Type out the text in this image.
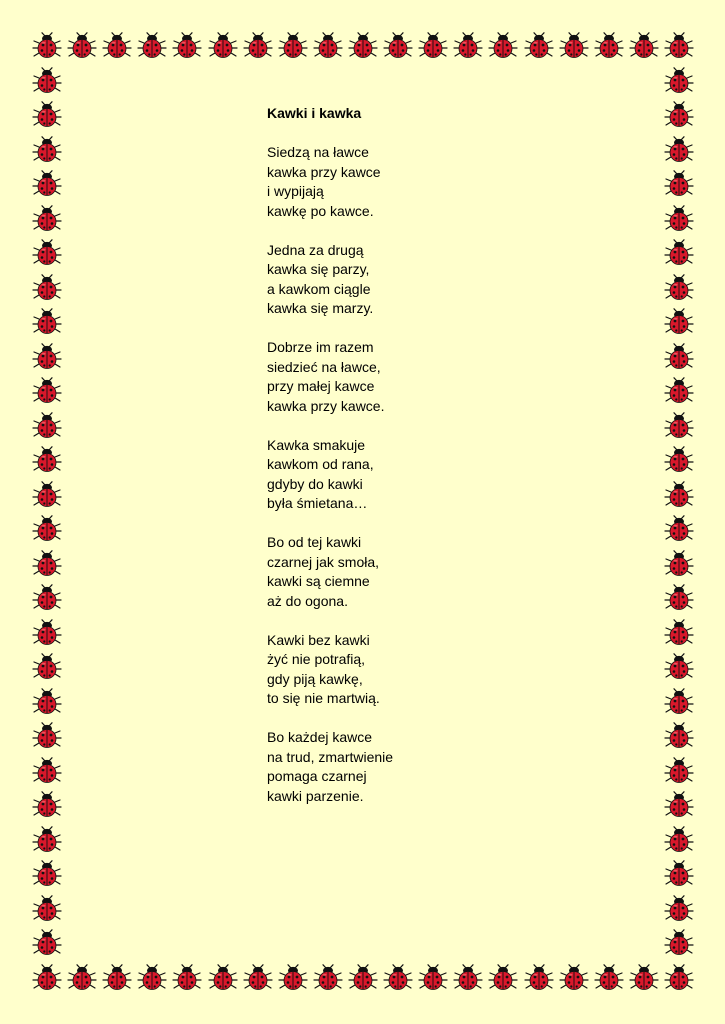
Kawki i kawka
Siedzą na ławce
kawka przy kawce
i wypijają
kawkę po kawce.
Jedna za drugą
kawka się parzy,
a kawkom ciągle
kawka się marzy.
Dobrze im razem
siedzieć na ławce,
przy małej kawce
kawka przy kawce.
Kawka smakuje
kawkom od rana,
gdyby do kawki
była śmietana…
Bo od tej kawki
czarnej jak smoła,
kawki są ciemne
aż do ogona.
Kawki bez kawki
żyć nie potrafią,
gdy piją kawkę,
to się nie martwią.
Bo każdej kawce
na trud, zmartwienie
pomaga czarnej
kawki parzenie.
